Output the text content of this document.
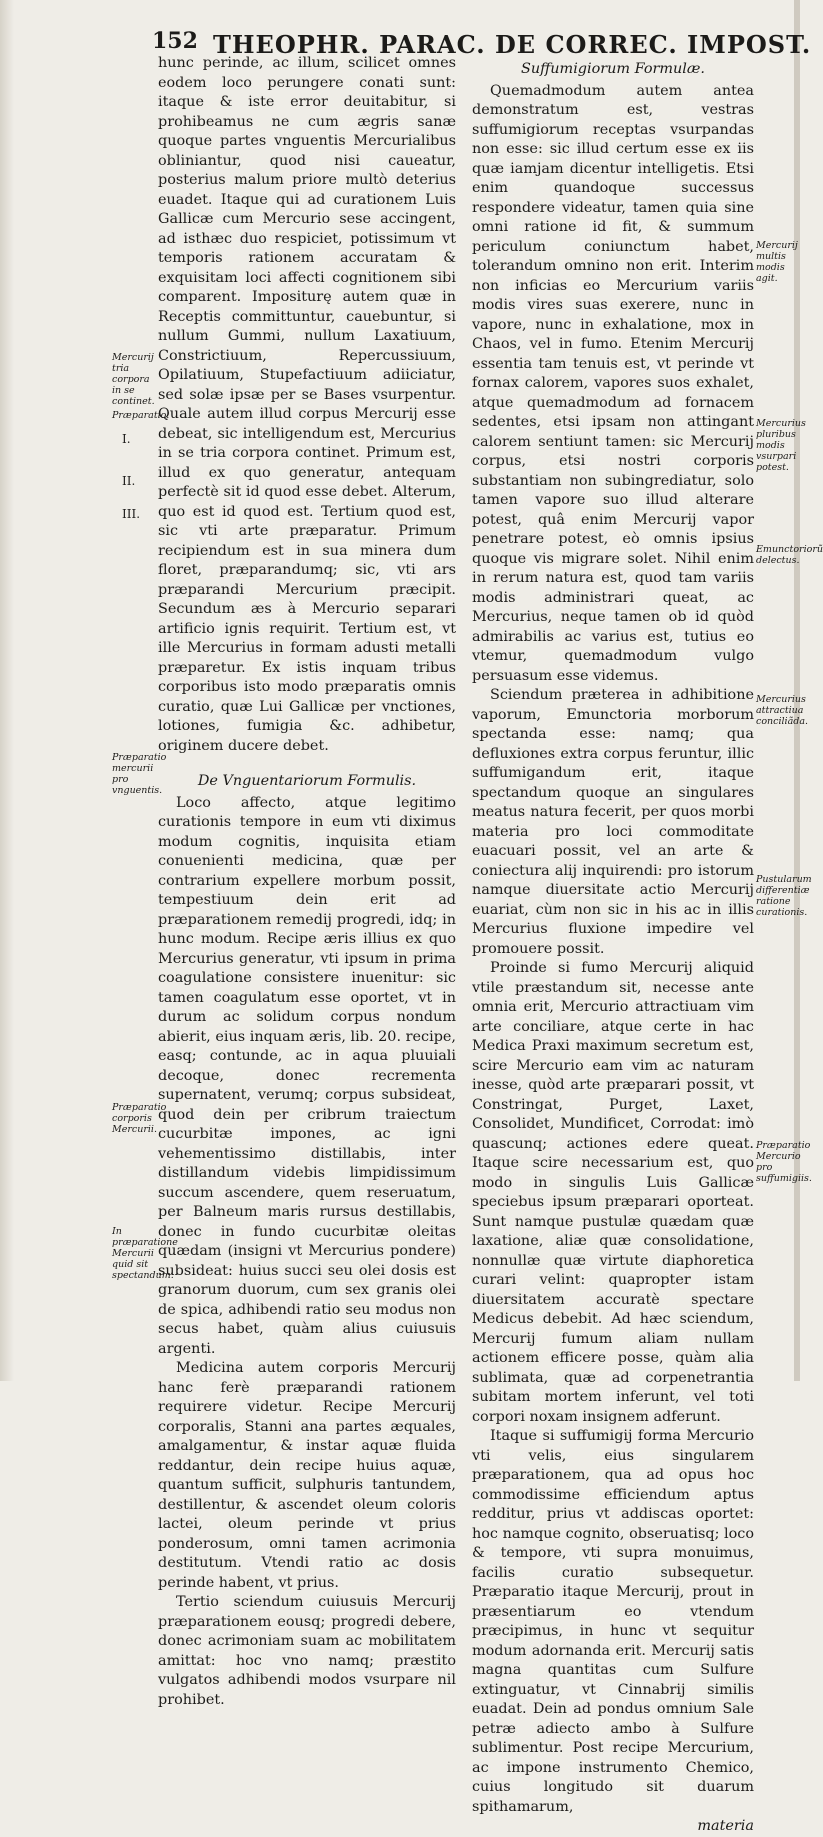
152 THEOPHR. PARAC. DE CORREC. IMPOST.
Mercurij tria corpora in se continet.
Præparatio.
I.
II.
III.
Præparatio mercurii pro vnguentis.
Præparatio corporis Mercurii.
In præparatione Mercurii quid sit spectandum.
Mercurij multis modis agit.
Mercurius pluribus modis vsurpari potest.
Emunctoriorũ delectus.
Mercurius attractiua conciliãda.
Pustularum differentiæ ratione curationis.
Præparatio Mercurio pro suffumigiis.

hunc perinde, ac illum, scilicet omnes eodem loco perungere conati sunt: itaque & iste error deuitabitur, si prohibeamus ne cum ægris sanæ quoque partes vnguentis Mercurialibus obliniantur, quod nisi caueatur, posterius malum priore multò deterius euadet. Itaque qui ad curationem Luis Gallicæ cum Mercurio sese accingent, ad isthæc duo respiciet, potissimum vt temporis rationem accuratam & exquisitam loci affecti cognitionem sibi comparent. Impositurę autem quæ in Receptis committuntur, cauebuntur, si nullum Gummi, nullum Laxatiuum, Constrictiuum, Repercussiuum, Opilatiuum, Stupefactiuum adiiciatur, sed solæ ipsæ per se Bases vsurpentur. Quale autem illud corpus Mercurij esse debeat, sic intelligendum est, Mercurius in se tria corpora continet. Primum est, illud ex quo generatur, antequam perfectè sit id quod esse debet. Alterum, quo est id quod est. Tertium quod est, sic vti arte præparatur. Primum recipiendum est in sua minera dum floret, præparandumq; sic, vti ars præparandi Mercurium præcipit. Secundum æs à Mercurio separari artificio ignis requirit. Tertium est, vt ille Mercurius in formam adusti metalli præparetur. Ex istis inquam tribus corporibus isto modo præparatis omnis curatio, quæ Lui Gallicæ per vnctiones, lotiones, fumigia &c. adhibetur, originem ducere debet.

De Vnguentariorum Formulis.

Loco affecto, atque legitimo curationis tempore in eum vti diximus modum cognitis, inquisita etiam conuenienti medicina, quæ per contrarium expellere morbum possit, tempestiuum dein erit ad præparationem remedij progredi, idq; in hunc modum. Recipe æris illius ex quo Mercurius generatur, vti ipsum in prima coagulatione consistere inuenitur: sic tamen coagulatum esse oportet, vt in durum ac solidum corpus nondum abierit, eius inquam æris, lib. 20. recipe, easq; contunde, ac in aqua pluuiali decoque, donec recrementa supernatent, verumq; corpus subsideat, quod dein per cribrum traiectum cucurbitæ impones, ac igni vehementissimo distillabis, inter distillandum videbis limpidissimum succum ascendere, quem reseruatum, per Balneum maris rursus destillabis, donec in fundo cucurbitæ oleitas quædam (insigni vt Mercurius pondere) subsideat: huius succi seu olei dosis est granorum duorum, cum sex granis olei de spica, adhibendi ratio seu modus non secus habet, quàm alius cuiusuis argenti.

Medicina autem corporis Mercurij hanc ferè præparandi rationem requirere videtur. Recipe Mercurij corporalis, Stanni ana partes æquales, amalgamentur, & instar aquæ fluida reddantur, dein recipe huius aquæ, quantum sufficit, sulphuris tantundem, destillentur, & ascendet oleum coloris lactei, oleum perinde vt prius ponderosum, omni tamen acrimonia destitutum. Vtendi ratio ac dosis perinde habent, vt prius.

Tertio sciendum cuiusuis Mercurij præparationem eousq; progredi debere, donec acrimoniam suam ac mobilitatem amittat: hoc vno namq; præstito vulgatos adhibendi modos vsurpare nil prohibet.

Suffumigiorum Formulæ.

Quemadmodum autem antea demonstratum est, vestras suffumigiorum receptas vsurpandas non esse: sic illud certum esse ex iis quæ iamjam dicentur intelligetis. Etsi enim quandoque successus respondere videatur, tamen quia sine omni ratione id fit, & summum periculum coniunctum habet, tolerandum omnino non erit. Interim non inficias eo Mercurium variis modis vires suas exerere, nunc in vapore, nunc in exhalatione, mox in Chaos, vel in fumo. Etenim Mercurij essentia tam tenuis est, vt perinde vt fornax calorem, vapores suos exhalet, atque quemadmodum ad fornacem sedentes, etsi ipsam non attingant calorem sentiunt tamen: sic Mercurij corpus, etsi nostri corporis substantiam non subingrediatur, solo tamen vapore suo illud alterare potest, quâ enim Mercurij vapor penetrare potest, eò omnis ipsius quoque vis migrare solet. Nihil enim in rerum natura est, quod tam variis modis administrari queat, ac Mercurius, neque tamen ob id quòd admirabilis ac varius est, tutius eo vtemur, quemadmodum vulgo persuasum esse videmus.

Sciendum præterea in adhibitione vaporum, Emunctoria morborum spectanda esse: namq; qua defluxiones extra corpus feruntur, illic suffumigandum erit, itaque spectandum quoque an singulares meatus natura fecerit, per quos morbi materia pro loci commoditate euacuari possit, vel an arte & coniectura alij inquirendi: pro istorum namque diuersitate actio Mercurij euariat, cùm non sic in his ac in illis Mercurius fluxione impedire vel promouere possit.

Proinde si fumo Mercurij aliquid vtile præstandum sit, necesse ante omnia erit, Mercurio attractiuam vim arte conciliare, atque certe in hac Medica Praxi maximum secretum est, scire Mercurio eam vim ac naturam inesse, quòd arte præparari possit, vt Constringat, Purget, Laxet, Consolidet, Mundificet, Corrodat: imò quascunq; actiones edere queat. Itaque scire necessarium est, quo modo in singulis Luis Gallicæ speciebus ipsum præparari oporteat. Sunt namque pustulæ quædam quæ laxatione, aliæ quæ consolidatione, nonnullæ quæ virtute diaphoretica curari velint: quapropter istam diuersitatem accuratè spectare Medicus debebit. Ad hæc sciendum, Mercurij fumum aliam nullam actionem efficere posse, quàm alia sublimata, quæ ad corpenetrantia subitam mortem inferunt, vel toti corpori noxam insignem adferunt.

Itaque si suffumigij forma Mercurio vti velis, eius singularem præparationem, qua ad opus hoc commodissime efficiendum aptus redditur, prius vt addiscas oportet: hoc namque cognito, obseruatisq; loco & tempore, vti supra monuimus, facilis curatio subsequetur. Præparatio itaque Mercurij, prout in præsentiarum eo vtendum præcipimus, in hunc vt sequitur modum adornanda erit. Mercurij satis magna quantitas cum Sulfure extinguatur, vt Cinnabrij similis euadat. Dein ad pondus omnium Sale petræ adiecto ambo à Sulfure sublimentur. Post recipe Mercurium, ac impone instrumento Chemico, cuius longitudo sit duarum spithamarum,

materia
